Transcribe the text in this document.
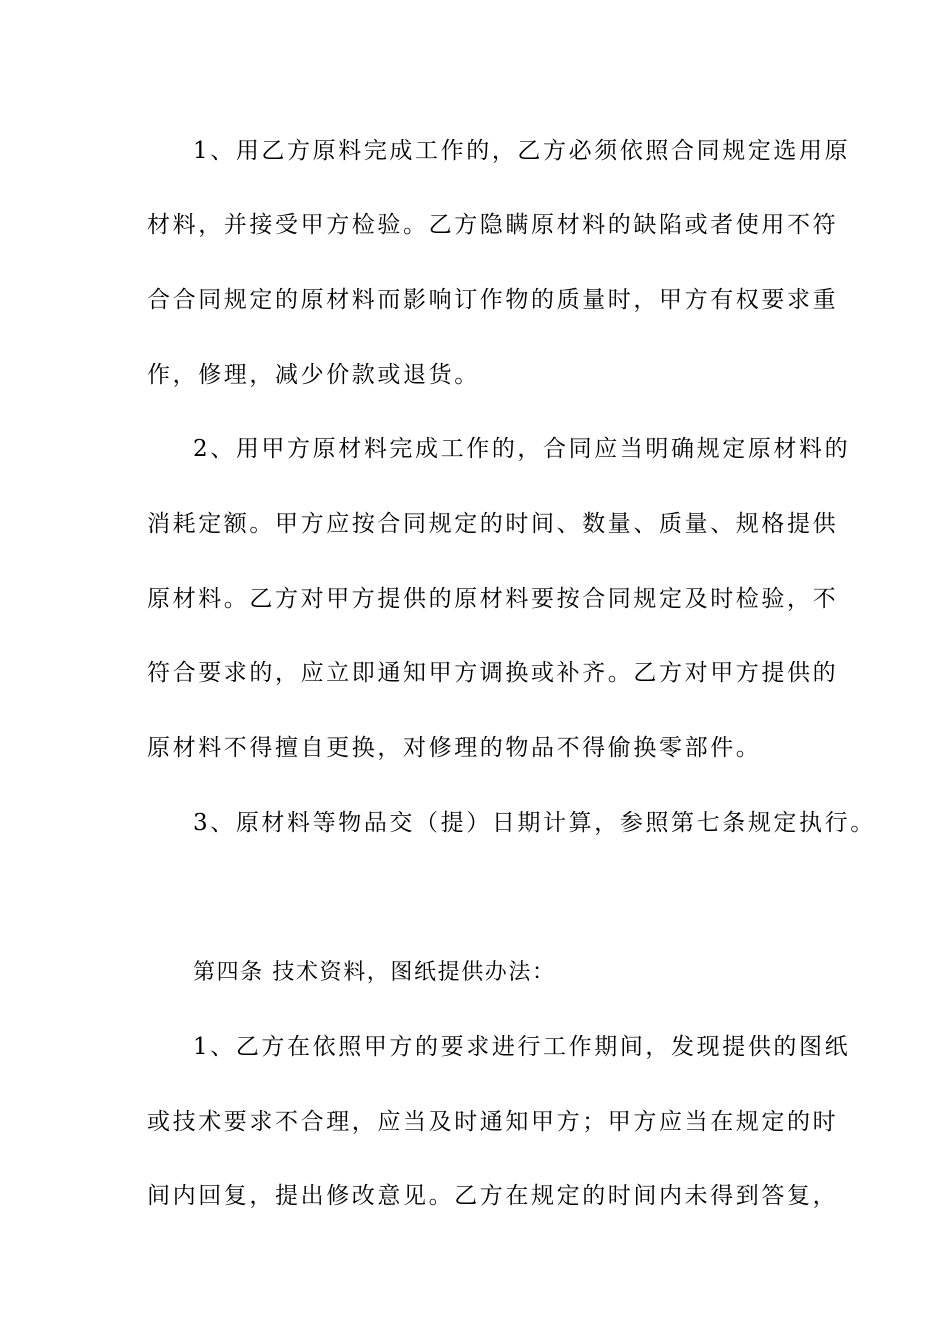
1、用乙方原料完成工作的，乙方必须依照合同规定选用原
材料，并接受甲方检验。乙方隐瞒原材料的缺陷或者使用不符
合合同规定的原材料而影响订作物的质量时，甲方有权要求重
作，修理，减少价款或退货。
2、用甲方原材料完成工作的，合同应当明确规定原材料的
消耗定额。甲方应按合同规定的时间、数量、质量、规格提供
原材料。乙方对甲方提供的原材料要按合同规定及时检验，不
符合要求的，应立即通知甲方调换或补齐。乙方对甲方提供的
原材料不得擅自更换，对修理的物品不得偷换零部件。
3、原材料等物品交（提）日期计算，参照第七条规定执行。
第四条 技术资料，图纸提供办法：
1、乙方在依照甲方的要求进行工作期间，发现提供的图纸
或技术要求不合理，应当及时通知甲方；甲方应当在规定的时
间内回复，提出修改意见。乙方在规定的时间内未得到答复，
